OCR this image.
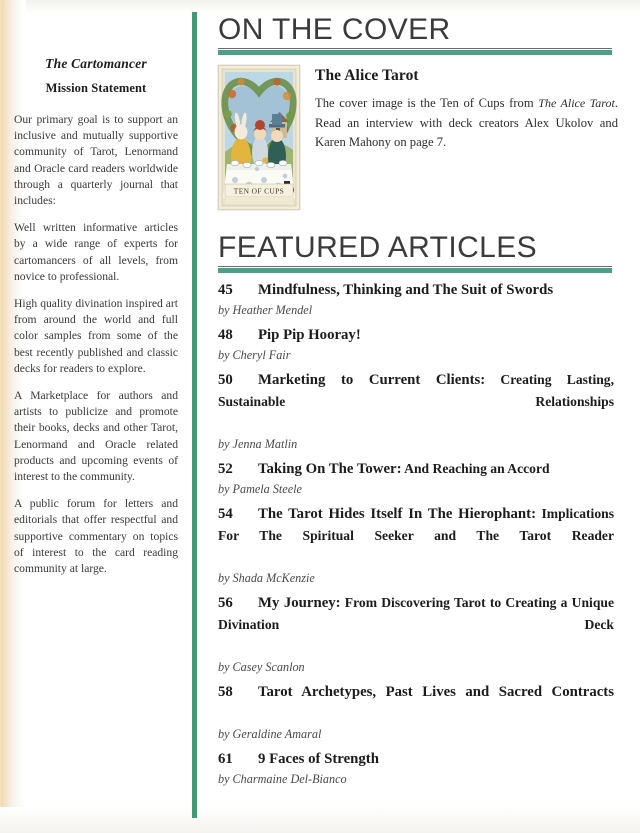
The Cartomancer
Mission Statement

Our primary goal is to support an inclusive and mutually supportive community of Tarot, Lenormand and Oracle card readers worldwide through a quarterly journal that includes:

Well written informative articles by a wide range of experts for cartomancers of all levels, from novice to professional.

High quality divination inspired art from around the world and full color samples from some of the best recently published and classic decks for readers to explore.

A Marketplace for authors and artists to publicize and promote their books, decks and other Tarot, Lenormand and Oracle related products and upcoming events of interest to the community.

A public forum for letters and editorials that offer respectful and supportive commentary on topics of interest to the card reading community at large.

ON THE COVER
TEN OF CUPS
The Alice Tarot

The cover image is the Ten of Cups from The Alice Tarot. Read an interview with deck creators Alex Ukolov and Karen Mahony on page 7.

FEATURED ARTICLES

45 Mindfulness, Thinking and The Suit of Swords

by Heather Mendel

48 Pip Pip Hooray!

by Cheryl Fair

50 Marketing to Current Clients: Creating Lasting, Sustainable Relationships

by Jenna Matlin

52 Taking On The Tower: And Reaching an Accord

by Pamela Steele

54 The Tarot Hides Itself In The Hierophant: Implications For The Spiritual Seeker and The Tarot Reader

by Shada McKenzie

56 My Journey: From Discovering Tarot to Creating a Unique Divination Deck

by Casey Scanlon

58 Tarot Archetypes, Past Lives and Sacred Contracts

by Geraldine Amaral

61 9 Faces of Strength

by Charmaine Del-Bianco
